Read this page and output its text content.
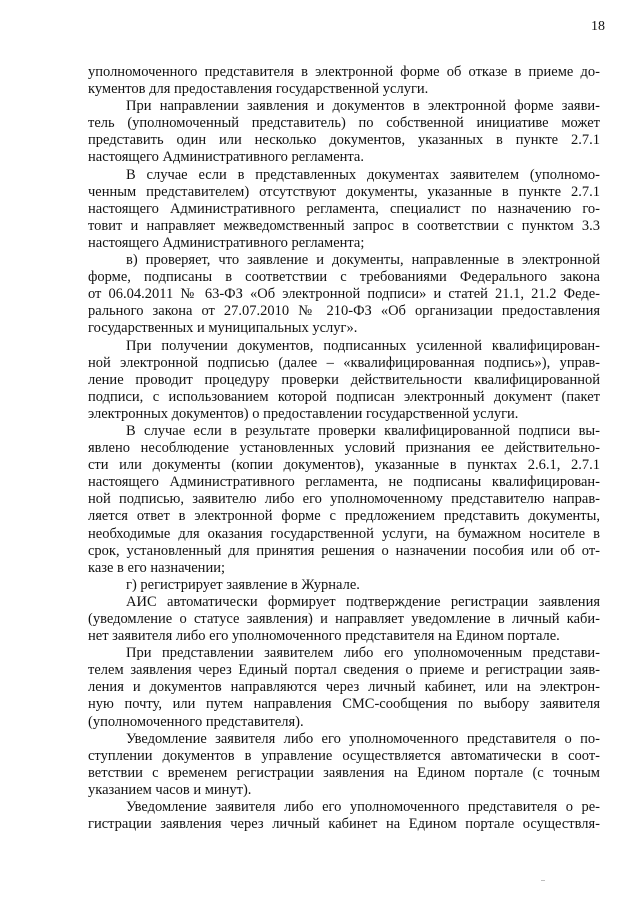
18
уполномоченного представителя в электронной форме об отказе в приеме до-
кументов для предоставления государственной услуги.
При направлении заявления и документов в электронной форме заяви-
тель (уполномоченный представитель) по собственной инициативе может
представить один или несколько документов, указанных в пункте 2.7.1
настоящего Административного регламента.
В случае если в представленных документах заявителем (уполномо-
ченным представителем) отсутствуют документы, указанные в пункте 2.7.1
настоящего Административного регламента, специалист по назначению го-
товит и направляет межведомственный запрос в соответствии с пунктом 3.3
настоящего Административного регламента;
в) проверяет, что заявление и документы, направленные в электронной
форме, подписаны в соответствии с требованиями Федерального закона
от 06.04.2011 № 63-ФЗ «Об электронной подписи» и статей 21.1, 21.2 Феде-
рального закона от 27.07.2010 № 210-ФЗ «Об организации предоставления
государственных и муниципальных услуг».
При получении документов, подписанных усиленной квалифицирован-
ной электронной подписью (далее – «квалифицированная подпись»), управ-
ление проводит процедуру проверки действительности квалифицированной
подписи, с использованием которой подписан электронный документ (пакет
электронных документов) о предоставлении государственной услуги.
В случае если в результате проверки квалифицированной подписи вы-
явлено несоблюдение установленных условий признания ее действительно-
сти или документы (копии документов), указанные в пунктах 2.6.1, 2.7.1
настоящего Административного регламента, не подписаны квалифицирован-
ной подписью, заявителю либо его уполномоченному представителю направ-
ляется ответ в электронной форме с предложением представить документы,
необходимые для оказания государственной услуги, на бумажном носителе в
срок, установленный для принятия решения о назначении пособия или об от-
казе в его назначении;
г) регистрирует заявление в Журнале.
АИС автоматически формирует подтверждение регистрации заявления
(уведомление о статусе заявления) и направляет уведомление в личный каби-
нет заявителя либо его уполномоченного представителя на Едином портале.
При представлении заявителем либо его уполномоченным представи-
телем заявления через Единый портал сведения о приеме и регистрации заяв-
ления и документов направляются через личный кабинет, или на электрон-
ную почту, или путем направления СМС-сообщения по выбору заявителя
(уполномоченного представителя).
Уведомление заявителя либо его уполномоченного представителя о по-
ступлении документов в управление осуществляется автоматически в соот-
ветствии с временем регистрации заявления на Едином портале (с точным
указанием часов и минут).
Уведомление заявителя либо его уполномоченного представителя о ре-
гистрации заявления через личный кабинет на Едином портале осуществля-
